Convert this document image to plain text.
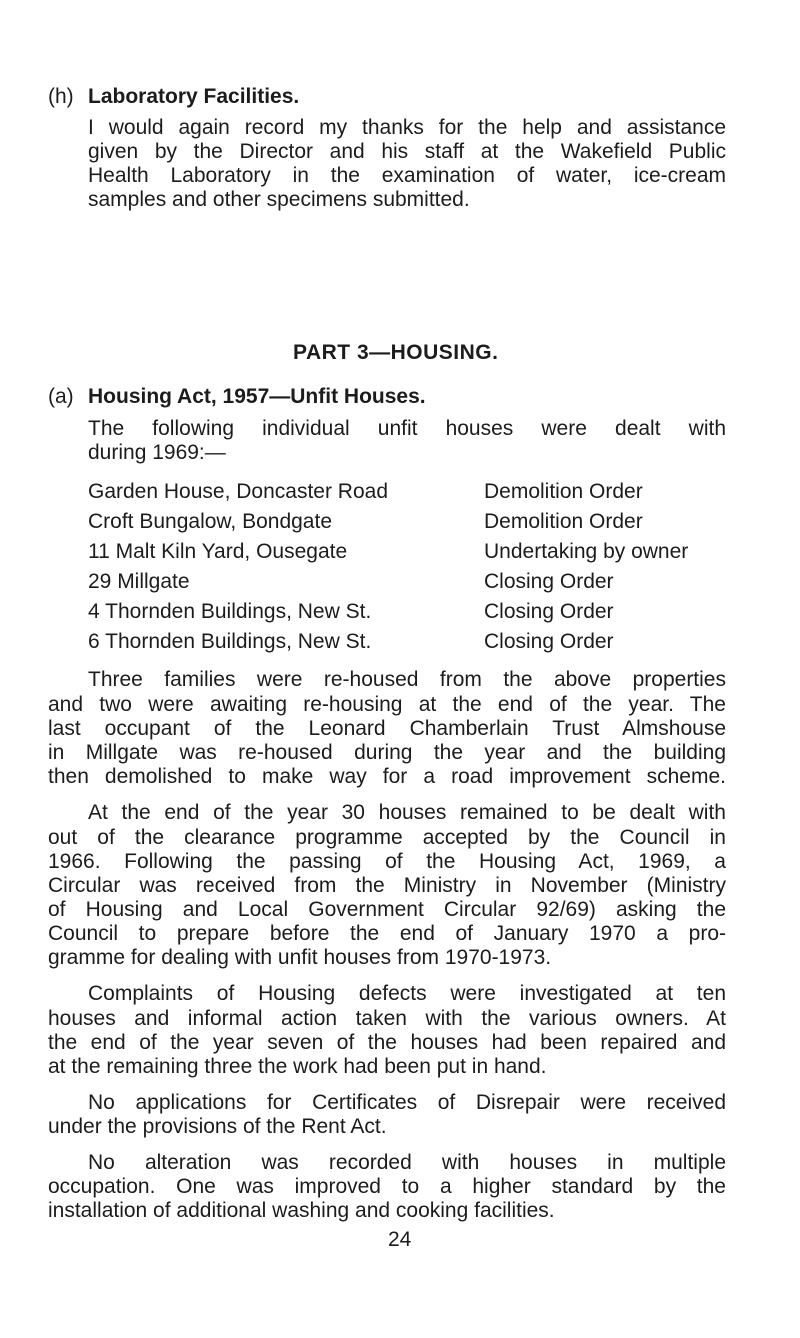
(h) Laboratory Facilities.
I would again record my thanks for the help and assistance
given by the Director and his staff at the Wakefield Public
Health Laboratory in the examination of water, ice-cream
samples and other specimens submitted.
PART 3—HOUSING.
(a) Housing Act, 1957—Unfit Houses.
The following individual unfit houses were dealt with
during 1969:—
Garden House, Doncaster Road	Demolition Order
Croft Bungalow, Bondgate	Demolition Order
11 Malt Kiln Yard, Ousegate	Undertaking by owner
29 Millgate	Closing Order
4 Thornden Buildings, New St.	Closing Order
6 Thornden Buildings, New St.	Closing Order
Three families were re-housed from the above properties
and two were awaiting re-housing at the end of the year. The
last occupant of the Leonard Chamberlain Trust Almshouse
in Millgate was re-housed during the year and the building
then demolished to make way for a road improvement scheme.
At the end of the year 30 houses remained to be dealt with
out of the clearance programme accepted by the Council in
1966. Following the passing of the Housing Act, 1969, a
Circular was received from the Ministry in November (Ministry
of Housing and Local Government Circular 92/69) asking the
Council to prepare before the end of January 1970 a pro-
gramme for dealing with unfit houses from 1970-1973.
Complaints of Housing defects were investigated at ten
houses and informal action taken with the various owners. At
the end of the year seven of the houses had been repaired and
at the remaining three the work had been put in hand.
No applications for Certificates of Disrepair were received
under the provisions of the Rent Act.
No alteration was recorded with houses in multiple
occupation. One was improved to a higher standard by the
installation of additional washing and cooking facilities.
24
